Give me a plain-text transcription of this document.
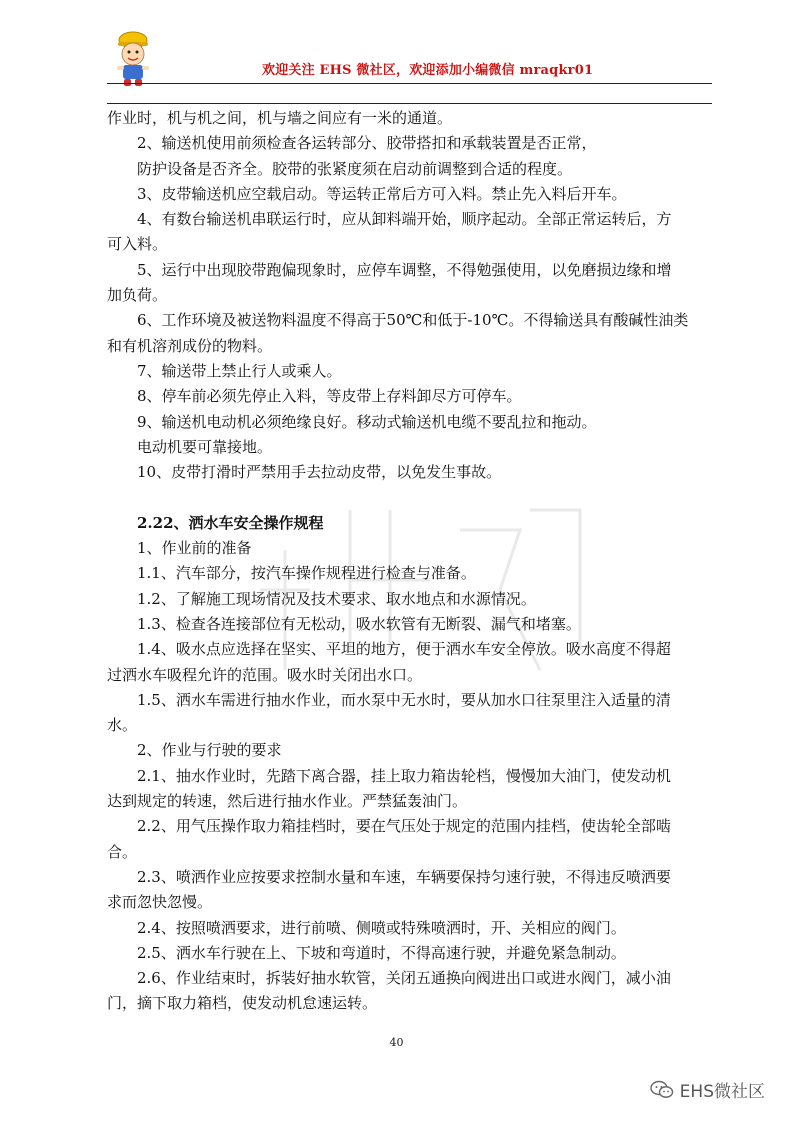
欢迎关注 EHS 微社区，欢迎添加小编微信 mraqkr01
作业时，机与机之间，机与墙之间应有一米的通道。
2、输送机使用前须检查各运转部分、胶带搭扣和承载装置是否正常，
防护设备是否齐全。胶带的张紧度须在启动前调整到合适的程度。
3、皮带输送机应空载启动。等运转正常后方可入料。禁止先入料后开车。
4、有数台输送机串联运行时，应从卸料端开始，顺序起动。全部正常运转后，方
可入料。
5、运行中出现胶带跑偏现象时，应停车调整，不得勉强使用，以免磨损边缘和增
加负荷。
6、工作环境及被送物料温度不得高于50℃和低于-10℃。不得输送具有酸碱性油类
和有机溶剂成份的物料。
7、输送带上禁止行人或乘人。
8、停车前必须先停止入料，等皮带上存料卸尽方可停车。
9、输送机电动机必须绝缘良好。移动式输送机电缆不要乱拉和拖动。
电动机要可靠接地。
10、皮带打滑时严禁用手去拉动皮带，以免发生事故。
2.22、洒水车安全操作规程
1、作业前的准备
1.1、汽车部分，按汽车操作规程进行检查与准备。
1.2、了解施工现场情况及技术要求、取水地点和水源情况。
1.3、检查各连接部位有无松动，吸水软管有无断裂、漏气和堵塞。
1.4、吸水点应选择在坚实、平坦的地方，便于洒水车安全停放。吸水高度不得超
过洒水车吸程允许的范围。吸水时关闭出水口。
1.5、洒水车需进行抽水作业，而水泵中无水时，要从加水口往泵里注入适量的清
水。
2、作业与行驶的要求
2.1、抽水作业时，先踏下离合器，挂上取力箱齿轮档，慢慢加大油门，使发动机
达到规定的转速，然后进行抽水作业。严禁猛轰油门。
2.2、用气压操作取力箱挂档时，要在气压处于规定的范围内挂档，使齿轮全部啮
合。
2.3、喷洒作业应按要求控制水量和车速，车辆要保持匀速行驶，不得违反喷洒要
求而忽快忽慢。
2.4、按照喷洒要求，进行前喷、侧喷或特殊喷洒时，开、关相应的阀门。
2.5、洒水车行驶在上、下坡和弯道时，不得高速行驶，并避免紧急制动。
2.6、作业结束时，拆装好抽水软管，关闭五通换向阀进出口或进水阀门，减小油
门，摘下取力箱档，使发动机怠速运转。
40
EHS微社区
